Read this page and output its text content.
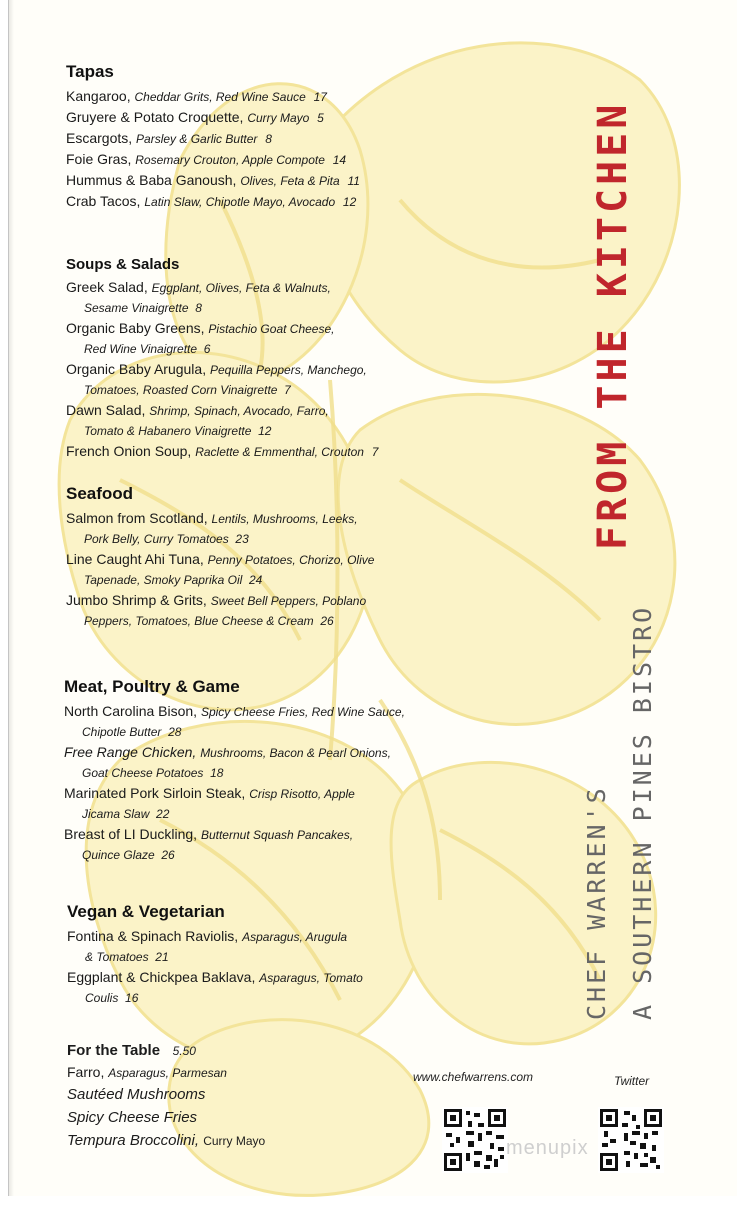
Tapas
Kangaroo, Cheddar Grits, Red Wine Sauce 17
Gruyere & Potato Croquette, Curry Mayo 5
Escargots, Parsley & Garlic Butter 8
Foie Gras, Rosemary Crouton, Apple Compote 14
Hummus & Baba Ganoush, Olives, Feta & Pita 11
Crab Tacos, Latin Slaw, Chipotle Mayo, Avocado 12
Soups & Salads
Greek Salad, Eggplant, Olives, Feta & Walnuts,
Sesame Vinaigrette 8
Organic Baby Greens, Pistachio Goat Cheese,
Red Wine Vinaigrette 6
Organic Baby Arugula, Pequilla Peppers, Manchego,
Tomatoes, Roasted Corn Vinaigrette 7
Dawn Salad, Shrimp, Spinach, Avocado, Farro,
Tomato & Habanero Vinaigrette 12
French Onion Soup, Raclette & Emmenthal, Crouton 7
Seafood
Salmon from Scotland, Lentils, Mushrooms, Leeks,
Pork Belly, Curry Tomatoes 23
Line Caught Ahi Tuna, Penny Potatoes, Chorizo, Olive
Tapenade, Smoky Paprika Oil 24
Jumbo Shrimp & Grits, Sweet Bell Peppers, Poblano
Peppers, Tomatoes, Blue Cheese & Cream 26
Meat, Poultry & Game
North Carolina Bison, Spicy Cheese Fries, Red Wine Sauce,
Chipotle Butter 28
Free Range Chicken, Mushrooms, Bacon & Pearl Onions,
Goat Cheese Potatoes 18
Marinated Pork Sirloin Steak, Crisp Risotto, Apple
Jicama Slaw 22
Breast of LI Duckling, Butternut Squash Pancakes,
Quince Glaze 26
Vegan & Vegetarian
Fontina & Spinach Raviolis, Asparagus, Arugula
& Tomatoes 21
Eggplant & Chickpea Baklava, Asparagus, Tomato
Coulis 16
For the Table 5.50
Farro, Asparagus, Parmesan
Sautéed Mushrooms
Spicy Cheese Fries
Tempura Broccolini, Curry Mayo
FROM THE KITCHEN
CHEF WARREN'S A SOUTHERN PINES BISTRO
www.chefwarrens.com	Twitter
menupix
